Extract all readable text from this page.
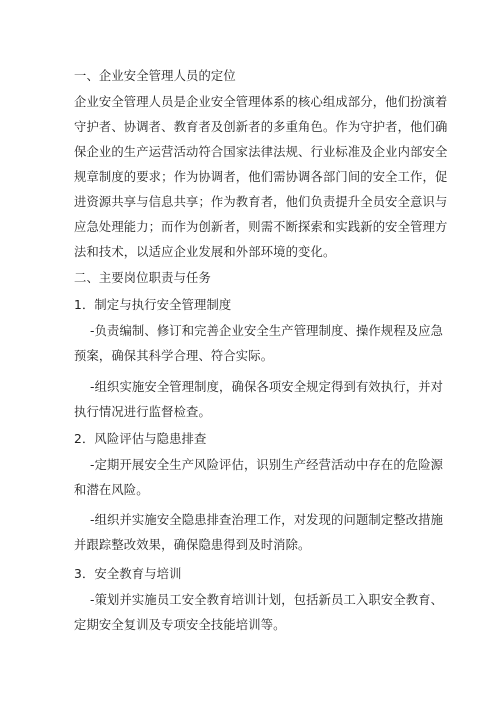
一、企业安全管理人员的定位
企业安全管理人员是企业安全管理体系的核心组成部分，他们扮演着
守护者、协调者、教育者及创新者的多重角色。作为守护者，他们确
保企业的生产运营活动符合国家法律法规、行业标准及企业内部安全
规章制度的要求；作为协调者，他们需协调各部门间的安全工作，促
进资源共享与信息共享；作为教育者，他们负责提升全员安全意识与
应急处理能力；而作为创新者，则需不断探索和实践新的安全管理方
法和技术，以适应企业发展和外部环境的变化。
二、主要岗位职责与任务
1．制定与执行安全管理制度
-负责编制、修订和完善企业安全生产管理制度、操作规程及应急
预案，确保其科学合理、符合实际。
-组织实施安全管理制度，确保各项安全规定得到有效执行，并对
执行情况进行监督检查。
2．风险评估与隐患排查
-定期开展安全生产风险评估，识别生产经营活动中存在的危险源
和潜在风险。
-组织并实施安全隐患排查治理工作，对发现的问题制定整改措施
并跟踪整改效果，确保隐患得到及时消除。
3．安全教育与培训
-策划并实施员工安全教育培训计划，包括新员工入职安全教育、
定期安全复训及专项安全技能培训等。
